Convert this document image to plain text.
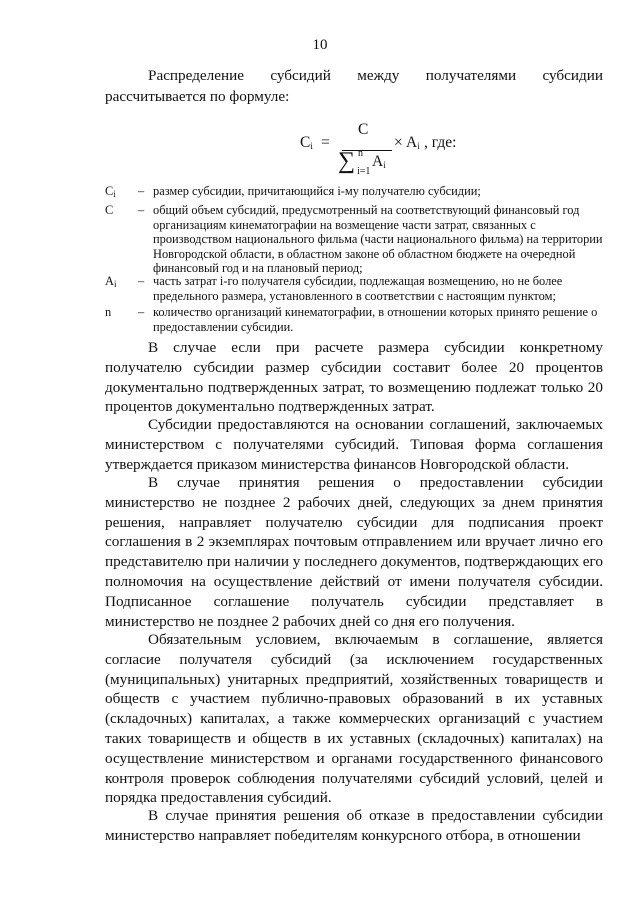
10

Распределение субсидий между получателями субсидии

рассчитывается по формуле:

$C_i$ =
C
∑ n
i=1
$A_i$
× $A_i$ , где:
$C_i$ – размер субсидии, причитающийся i-му получателю субсидии;
C – общий объем субсидий, предусмотренный на соответствующий финансовый год организациям кинематографии на возмещение части затрат, связанных с производством национального фильма (части национального фильма) на территории Новгородской области, в областном законе об областном бюджете на очередной финансовый год и на плановый период;
$A_i$ – часть затрат i-го получателя субсидии, подлежащая возмещению, но не более предельного размера, установленного в соответствии с настоящим пунктом;
n – количество организаций кинематографии, в отношении которых принято решение о предоставлении субсидии.

В случае если при расчете размера субсидии конкретному получателю субсидии размер субсидии составит более 20 процентов документально подтвержденных затрат, то возмещению подлежат только 20 процентов документально подтвержденных затрат.

Субсидии предоставляются на основании соглашений, заключаемых министерством с получателями субсидий. Типовая форма соглашения утверждается приказом министерства финансов Новгородской области.

В случае принятия решения о предоставлении субсидии министерство не позднее 2 рабочих дней, следующих за днем принятия решения, направляет получателю субсидии для подписания проект соглашения в 2 экземплярах почтовым отправлением или вручает лично его представителю при наличии у последнего документов, подтверждающих его полномочия на осуществление действий от имени получателя субсидии. Подписанное соглашение получатель субсидии представляет в министерство не позднее 2 рабочих дней со дня его получения.

Обязательным условием, включаемым в соглашение, является согласие получателя субсидий (за исключением государственных (муниципальных) унитарных предприятий, хозяйственных товариществ и обществ с участием публично-правовых образований в их уставных (складочных) капиталах, а также коммерческих организаций с участием таких товариществ и обществ в их уставных (складочных) капиталах) на осуществление министерством и органами государственного финансового контроля проверок соблюдения получателями субсидий условий, целей и порядка предоставления субсидий.

В случае принятия решения об отказе в предоставлении субсидии министерство направляет победителям конкурсного отбора, в отношении
